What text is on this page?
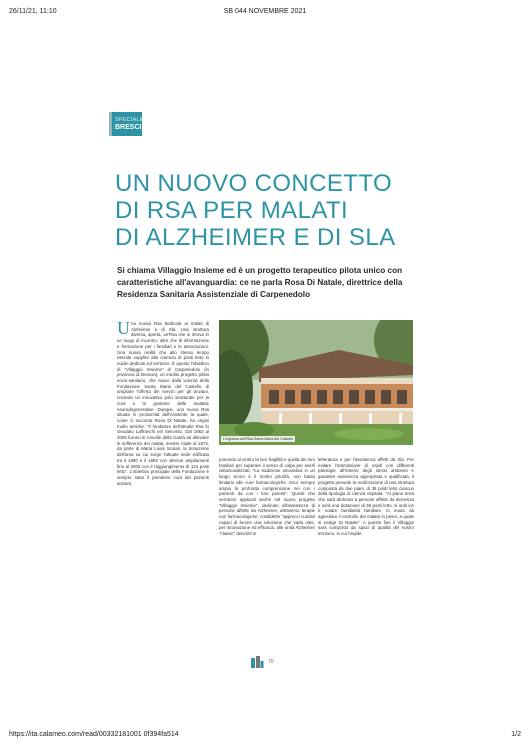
26/11/21, 11:10	SB 044 NOVEMBRE 2021
SPECIALE
BRESCIA
UN NUOVO CONCETTO
DI RSA PER MALATI
DI ALZHEIMER E DI SLA
Si chiama Villaggio Insieme ed è un progetto terapeutico pilota unico con caratteristiche all'avanguardia: ce ne parla Rosa Di Natale, direttrice della Residenza Sanitaria Assistenziale di Carpenedolo
U na nuova Rsa dedicata ai malati di Alzheimer e di Sla. Una struttura diversa, aperta, un'Rsa che si ritrova in un luogo di incontro, oltre che di informazione e formazione per i familiari e le associazioni. Una nuova realtà che allo stesso tempo intende supplire alla carenza di posti letto in nuclei dedicati sul territorio. È questo l'obiettivo di "Villaggio Insieme" di Carpenedolo (in provincia di Brescia), un inedito progetto pilota socio-sanitario, che nasce dalla volontà della Fondazione Santa Maria del Castello di ampliare l'offerta dei servizi per gli anziani, creando un innovativo polo strutturale per la cura e la gestione delle malattie neurodegenerative. Dunque, una nuova Rsa situata in prossimità dell'esistente la quale, come ci racconta Rosa Di Natale, ha origini molto antiche: "Il fondatore dell'attuale Rsa fu Geodato Laffranchi nel Seicento. Dal 1953 al 2006 furono le Ancelle della Carità ad alleviare le sofferenze dei malati, mentre risale al 1974, da parte di Maria Luisa Scolari, la donazione dell'area su cui sorge l'attuale sede edificata tra il 1980 e il 1992 con ulteriori ampliamenti fino al 2003 con il raggiungimento di 124 posti letto". L'obiettivo principale della Fondazione è sempre stato il prendersi cura dei pazienti anziani,
L'ingresso dell'Rsa Santa Maria del Castello
ponendo al centro la loro fragilità e quella dei loro familiari per superare il senso di colpa per averli istituzionalizzati. "La tradizione innovativa in un luogo sicuro è il nostro priorità, non basta limitarsi alle cure farmacologiche. Dico sempre ampia la profonda comprensione nei con i pazienti da con i loro parenti". Questi che verranno applicati anche nel nuovo progetto "Villaggio Insieme", dedicato all'assistenza di persone affette da Alzheimer, attraverso terapie non farmacologiche, cosiddette "approcci curativi capaci di fornire una soluzione che vada oltre, per innovazione ed efficacia, alle unità Alzheimer "classic" descritti in
letteratura e per l'assistenza affetti da Sla. Per evitare l'ammissione di ospiti con differenti patologie all'interno degli stessi ambienti e garantire assistenza appropriata e qualificata, il progetto prevede la realizzazione di una struttura composta da due piani, di 36 posti letto ciascun della tipologia di utenza ospitata. "Al piano terra che sarà dedicato a persone affette da demenza e avrà una dotazione di 36 posti letto, si uniti ice e notare familiarità familiare, in modo da agevolare il controllo del malato in pieno, a quale si svolge Di Natale". A questo fine il Villaggio sarà composto da spazi di qualità del nostro territorio, in cui l'ospite
70
https://ita.calameo.com/read/00332181001 0f394fa514	1/2
